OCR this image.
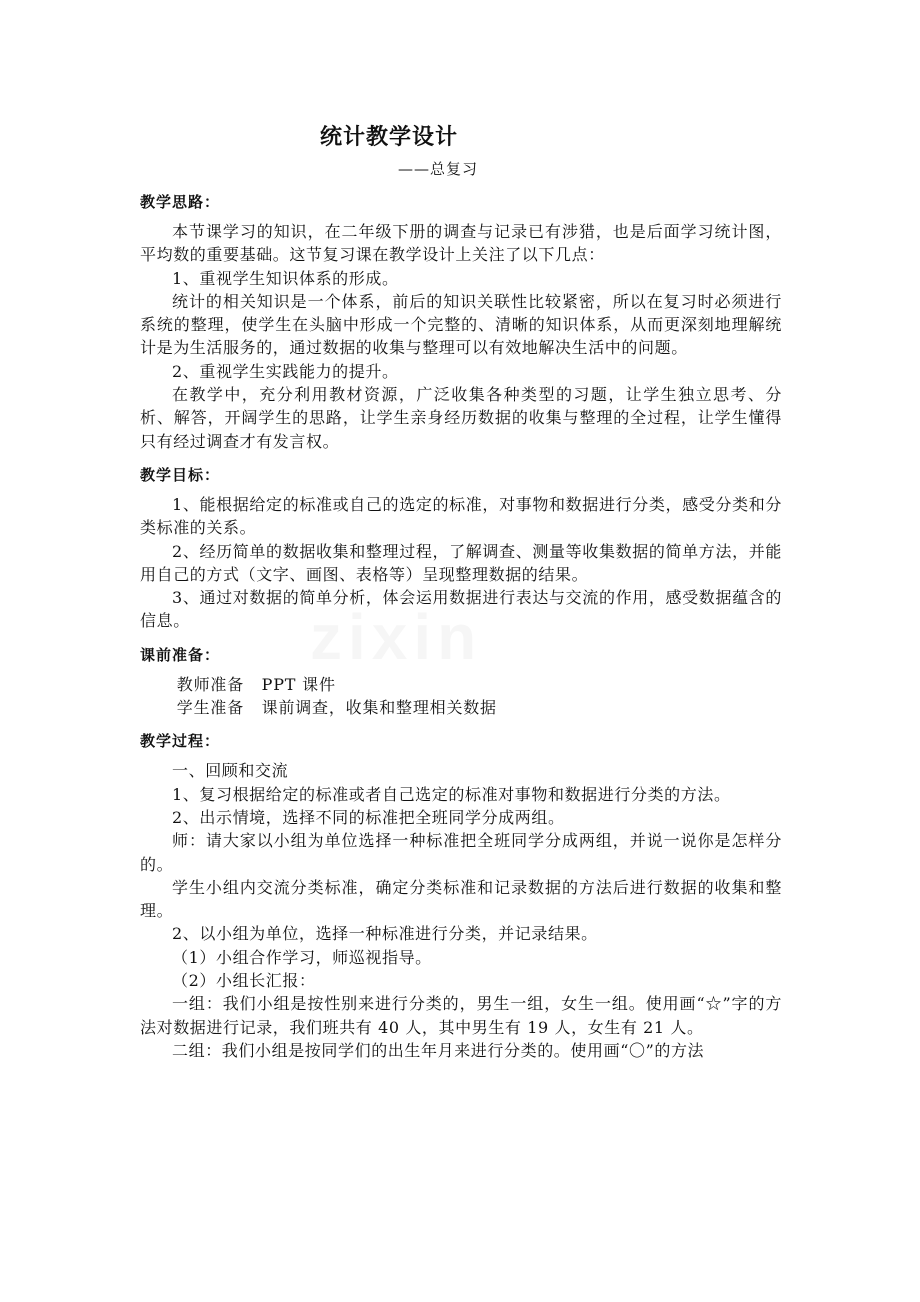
统计教学设计
——总复习
教学思路：

本节课学习的知识，在二年级下册的调查与记录已有涉猎，也是后面学习统计图，平均数的重要基础。这节复习课在教学设计上关注了以下几点：

1、重视学生知识体系的形成。

统计的相关知识是一个体系，前后的知识关联性比较紧密，所以在复习时必须进行系统的整理，使学生在头脑中形成一个完整的、清晰的知识体系，从而更深刻地理解统计是为生活服务的，通过数据的收集与整理可以有效地解决生活中的问题。

2、重视学生实践能力的提升。

在教学中，充分利用教材资源，广泛收集各种类型的习题，让学生独立思考、分析、解答，开阔学生的思路，让学生亲身经历数据的收集与整理的全过程，让学生懂得只有经过调查才有发言权。

教学目标：

1、能根据给定的标准或自己的选定的标准，对事物和数据进行分类，感受分类和分类标准的关系。

2、经历简单的数据收集和整理过程，了解调查、测量等收集数据的简单方法，并能用自己的方式（文字、画图、表格等）呈现整理数据的结果。

3、通过对数据的简单分析，体会运用数据进行表达与交流的作用，感受数据蕴含的信息。

课前准备：

教师准备   PPT 课件

学生准备   课前调查，收集和整理相关数据

教学过程：

一、回顾和交流

1、复习根据给定的标准或者自己选定的标准对事物和数据进行分类的方法。

2、出示情境，选择不同的标准把全班同学分成两组。

师：请大家以小组为单位选择一种标准把全班同学分成两组，并说一说你是怎样分的。

学生小组内交流分类标准，确定分类标准和记录数据的方法后进行数据的收集和整理。

2、以小组为单位，选择一种标准进行分类，并记录结果。

（1）小组合作学习，师巡视指导。

（2）小组长汇报：

一组：我们小组是按性别来进行分类的，男生一组，女生一组。使用画“☆”字的方法对数据进行记录，我们班共有 40 人，其中男生有 19 人，女生有 21 人。

二组：我们小组是按同学们的出生年月来进行分类的。使用画“〇”的方法
